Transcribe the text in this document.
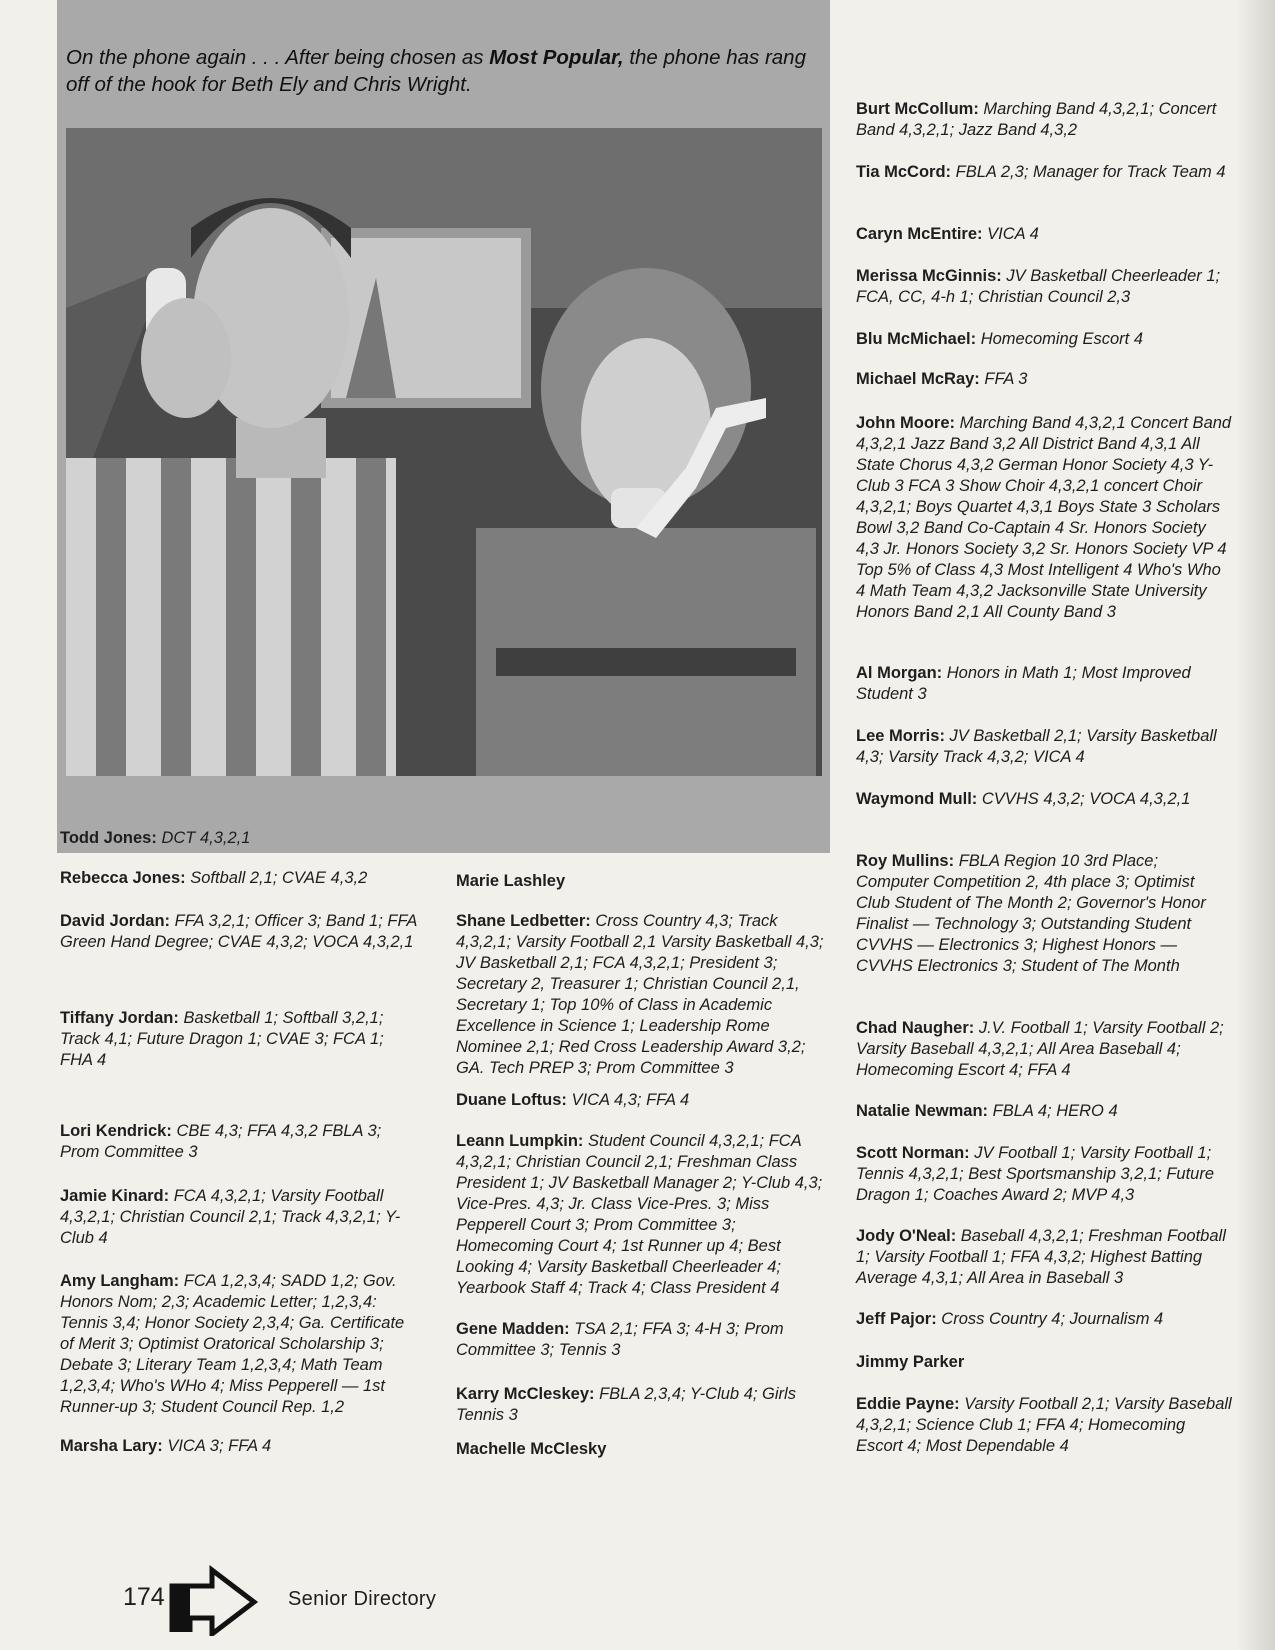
On the phone again . . . After being chosen as Most Popular, the phone has rang off of the hook for Beth Ely and Chris Wright.
Todd Jones: DCT 4,3,2,1
Rebecca Jones: Softball 2,1; CVAE 4,3,2
David Jordan: FFA 3,2,1; Officer 3; Band 1; FFA Green Hand Degree; CVAE 4,3,2; VOCA 4,3,2,1
Tiffany Jordan: Basketball 1; Softball 3,2,1; Track 4,1; Future Dragon 1; CVAE 3; FCA 1; FHA 4
Lori Kendrick: CBE 4,3; FFA 4,3,2 FBLA 3; Prom Committee 3
Jamie Kinard: FCA 4,3,2,1; Varsity Football 4,3,2,1; Christian Council 2,1; Track 4,3,2,1; Y-Club 4
Amy Langham: FCA 1,2,3,4; SADD 1,2; Gov. Honors Nom; 2,3; Academic Letter; 1,2,3,4: Tennis 3,4; Honor Society 2,3,4; Ga. Certificate of Merit 3; Optimist Oratorical Scholarship 3; Debate 3; Literary Team 1,2,3,4; Math Team 1,2,3,4; Who's WHo 4; Miss Pepperell — 1st Runner-up 3; Student Council Rep. 1,2
Marsha Lary: VICA 3; FFA 4
Marie Lashley
Shane Ledbetter: Cross Country 4,3; Track 4,3,2,1; Varsity Football 2,1 Varsity Basketball 4,3; JV Basketball 2,1; FCA 4,3,2,1; President 3; Secretary 2, Treasurer 1; Christian Council 2,1, Secretary 1; Top 10% of Class in Academic Excellence in Science 1; Leadership Rome Nominee 2,1; Red Cross Leadership Award 3,2; GA. Tech PREP 3; Prom Committee 3
Duane Loftus: VICA 4,3; FFA 4
Leann Lumpkin: Student Council 4,3,2,1; FCA 4,3,2,1; Christian Council 2,1; Freshman Class President 1; JV Basketball Manager 2; Y-Club 4,3; Vice-Pres. 4,3; Jr. Class Vice-Pres. 3; Miss Pepperell Court 3; Prom Committee 3; Homecoming Court 4; 1st Runner up 4; Best Looking 4; Varsity Basketball Cheerleader 4; Yearbook Staff 4; Track 4; Class President 4
Gene Madden: TSA 2,1; FFA 3; 4-H 3; Prom Committee 3; Tennis 3
Karry McCleskey: FBLA 2,3,4; Y-Club 4; Girls Tennis 3
Machelle McClesky
Burt McCollum: Marching Band 4,3,2,1; Concert Band 4,3,2,1; Jazz Band 4,3,2
Tia McCord: FBLA 2,3; Manager for Track Team 4
Caryn McEntire: VICA 4
Merissa McGinnis: JV Basketball Cheerleader 1; FCA, CC, 4-h 1; Christian Council 2,3
Blu McMichael: Homecoming Escort 4
Michael McRay: FFA 3
John Moore: Marching Band 4,3,2,1 Concert Band 4,3,2,1 Jazz Band 3,2 All District Band 4,3,1 All State Chorus 4,3,2 German Honor Society 4,3 Y-Club 3 FCA 3 Show Choir 4,3,2,1 concert Choir 4,3,2,1; Boys Quartet 4,3,1 Boys State 3 Scholars Bowl 3,2 Band Co-Captain 4 Sr. Honors Society 4,3 Jr. Honors Society 3,2 Sr. Honors Society VP 4 Top 5% of Class 4,3 Most Intelligent 4 Who's Who 4 Math Team 4,3,2 Jacksonville State University Honors Band 2,1 All County Band 3
Al Morgan: Honors in Math 1; Most Improved Student 3
Lee Morris: JV Basketball 2,1; Varsity Basketball 4,3; Varsity Track 4,3,2; VICA 4
Waymond Mull: CVVHS 4,3,2; VOCA 4,3,2,1
Roy Mullins: FBLA Region 10 3rd Place; Computer Competition 2, 4th place 3; Optimist Club Student of The Month 2; Governor's Honor Finalist — Technology 3; Outstanding Student CVVHS — Electronics 3; Highest Honors — CVVHS Electronics 3; Student of The Month
Chad Naugher: J.V. Football 1; Varsity Football 2; Varsity Baseball 4,3,2,1; All Area Baseball 4; Homecoming Escort 4; FFA 4
Natalie Newman: FBLA 4; HERO 4
Scott Norman: JV Football 1; Varsity Football 1; Tennis 4,3,2,1; Best Sportsmanship 3,2,1; Future Dragon 1; Coaches Award 2; MVP 4,3
Jody O'Neal: Baseball 4,3,2,1; Freshman Football 1; Varsity Football 1; FFA 4,3,2; Highest Batting Average 4,3,1; All Area in Baseball 3
Jeff Pajor: Cross Country 4; Journalism 4
Jimmy Parker
Eddie Payne: Varsity Football 2,1; Varsity Baseball 4,3,2,1; Science Club 1; FFA 4; Homecoming Escort 4; Most Dependable 4
174	Senior Directory
